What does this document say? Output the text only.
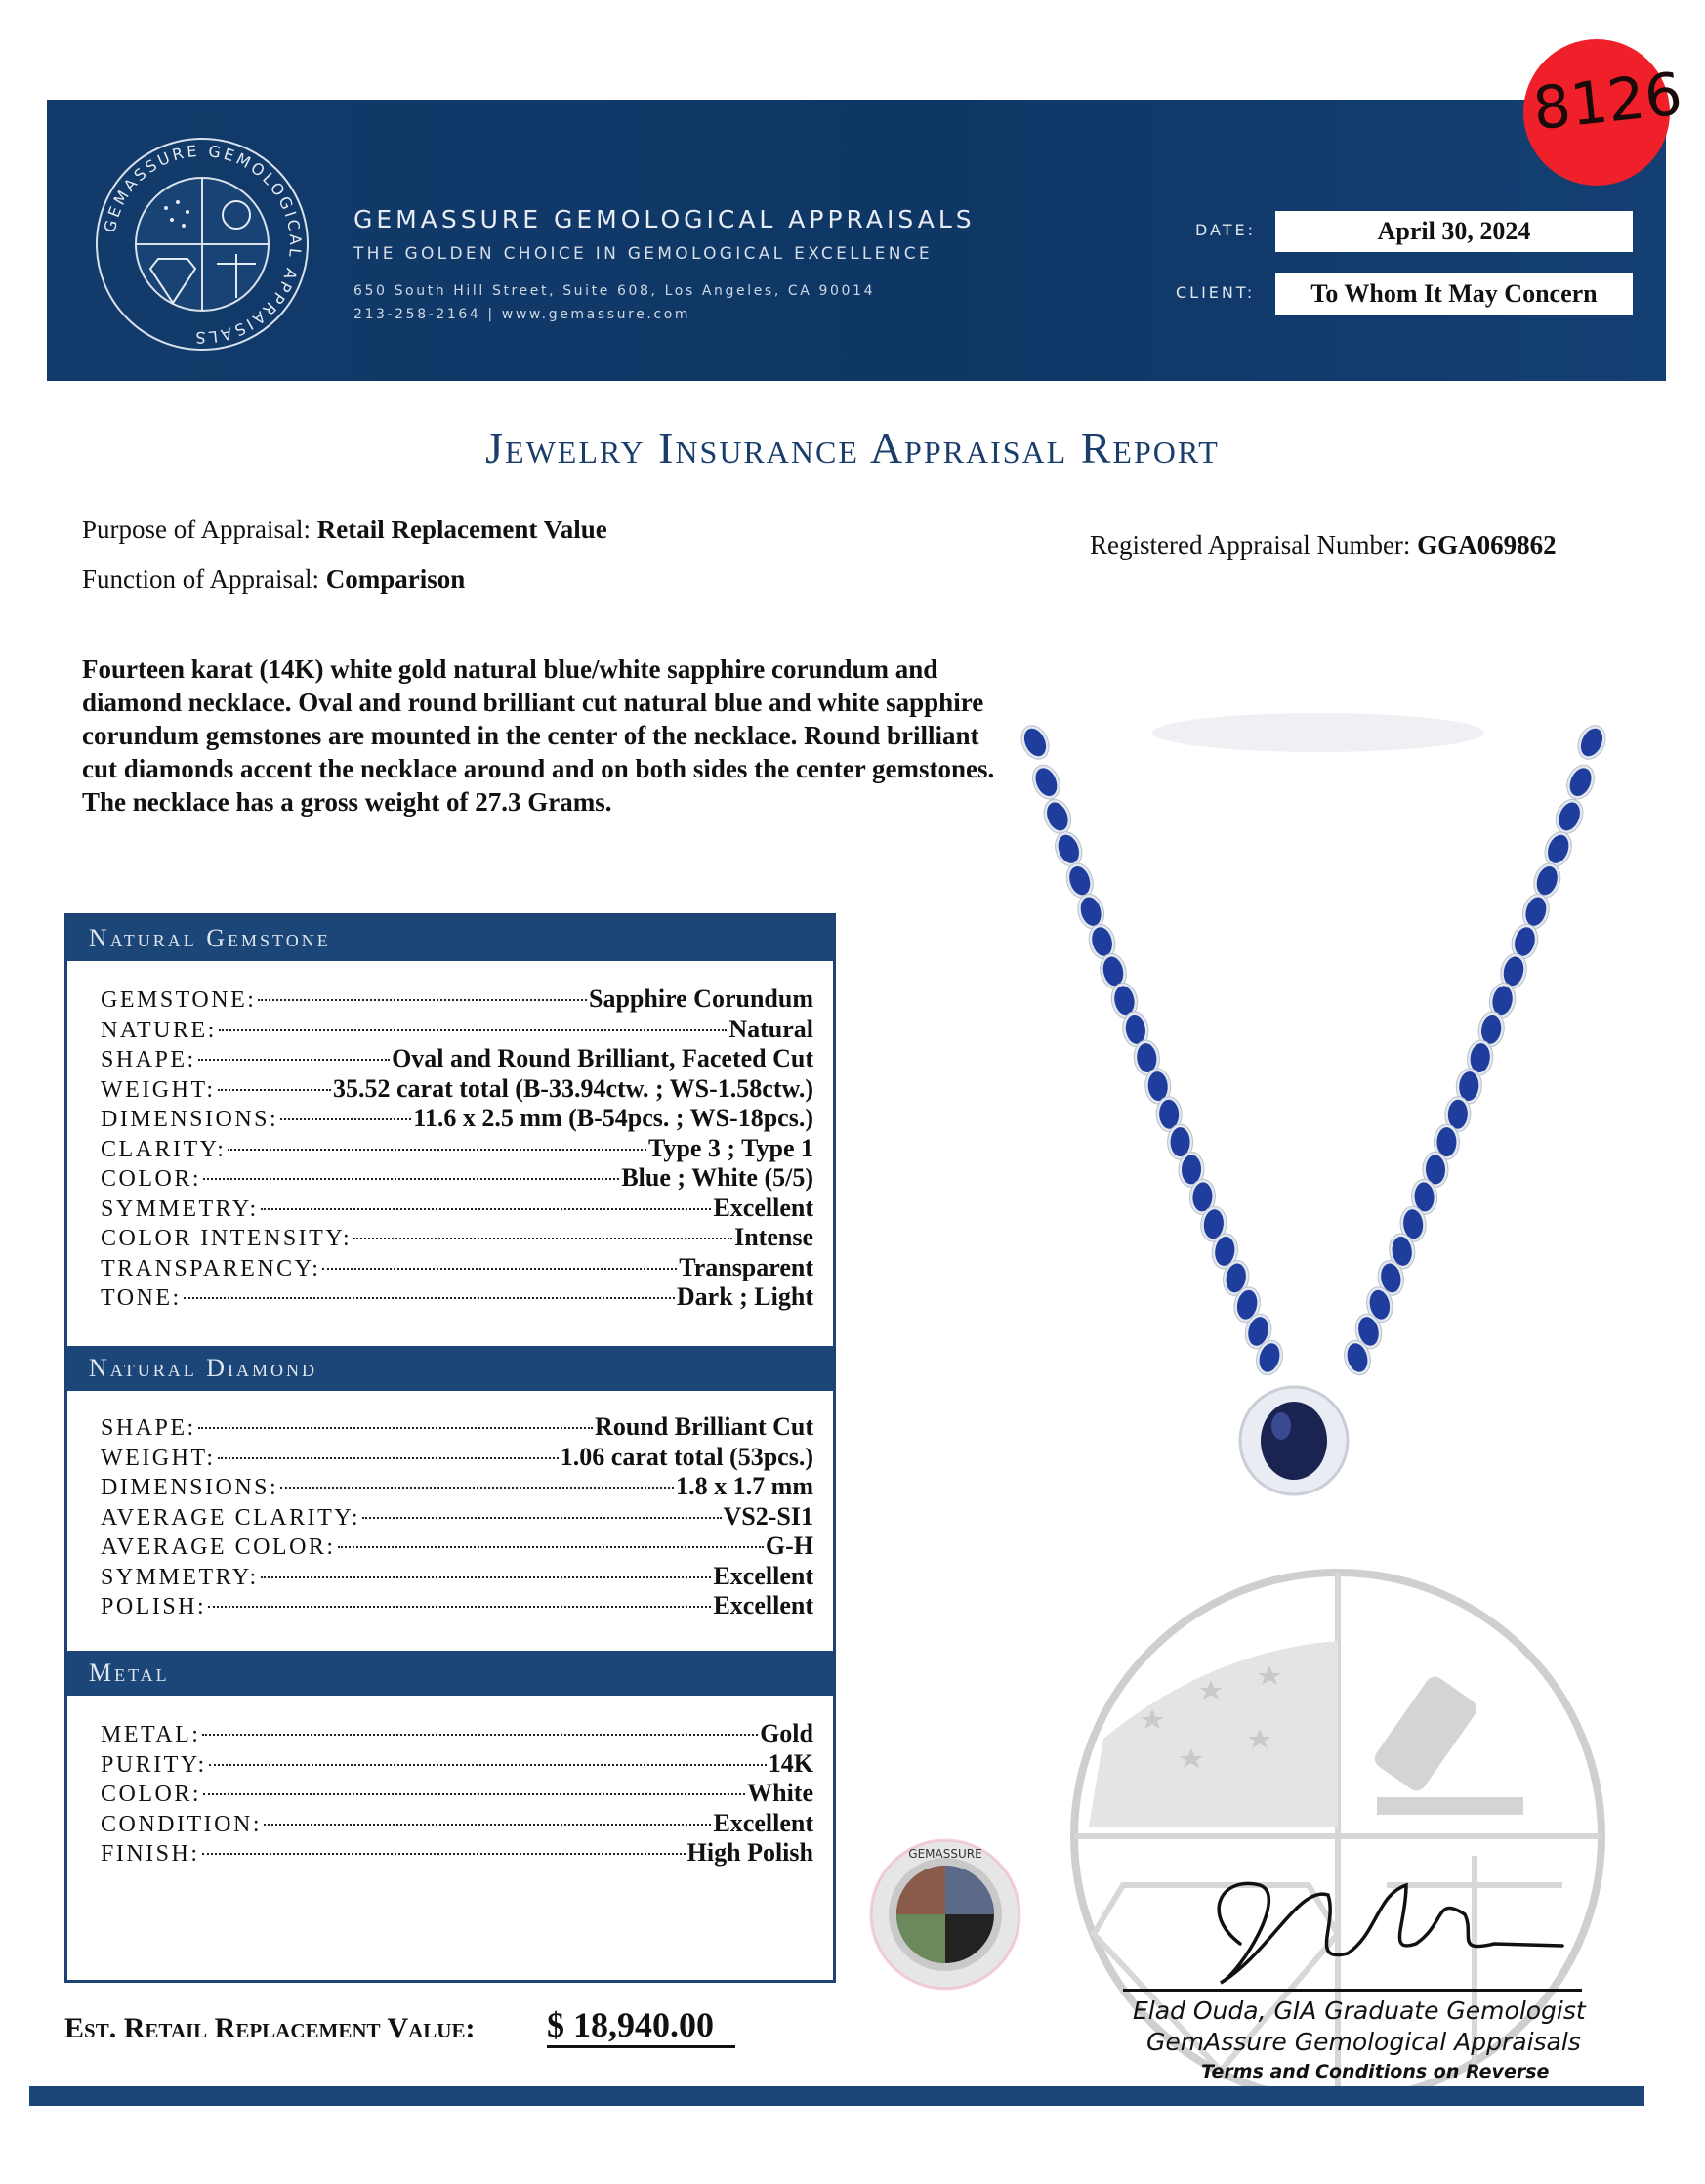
GEMASSURE GEMOLOGICAL APPRAISALS
GEMASSURE GEMOLOGICAL APPRAISALS
THE GOLDEN CHOICE IN GEMOLOGICAL EXCELLENCE
650 South Hill Street, Suite 608, Los Angeles, CA 90014
213-258-2164 | www.gemassure.com
DATE:	April 30, 2024
CLIENT:	To Whom It May Concern
8126
Jewelry Insurance Appraisal Report
Purpose of Appraisal: Retail Replacement Value
Function of Appraisal: Comparison
Registered Appraisal Number: GGA069862
Fourteen karat (14K) white gold natural blue/white sapphire corundum and diamond necklace. Oval and round brilliant cut natural blue and white sapphire corundum gemstones are mounted in the center of the necklace. Round brilliant cut diamonds accent the necklace around and on both sides the center gemstones. The necklace has a gross weight of 27.3 Grams.
Natural Gemstone
GEMSTONE:	Sapphire Corundum
NATURE:	Natural
SHAPE:	Oval and Round Brilliant, Faceted Cut
WEIGHT:	35.52 carat total (B-33.94ctw. ; WS-1.58ctw.)
DIMENSIONS:	11.6 x 2.5 mm (B-54pcs. ; WS-18pcs.)
CLARITY:	Type 3 ; Type 1
COLOR:	Blue ; White (5/5)
SYMMETRY:	Excellent
COLOR INTENSITY:	Intense
TRANSPARENCY:	Transparent
TONE:	Dark ; Light
Natural Diamond
SHAPE:	Round Brilliant Cut
WEIGHT:	1.06 carat total (53pcs.)
DIMENSIONS:	1.8 x 1.7 mm
AVERAGE CLARITY:	VS2-SI1
AVERAGE COLOR:	G-H
SYMMETRY:	Excellent
POLISH:	Excellent
Metal
METAL:	Gold
PURITY:	14K
COLOR:	White
CONDITION:	Excellent
FINISH:	High Polish
Est. Retail Replacement Value: $ 18,940.00
GEMASSURE
Elad Ouda, GIA Graduate Gemologist
GemAssure Gemological Appraisals
Terms and Conditions on Reverse
